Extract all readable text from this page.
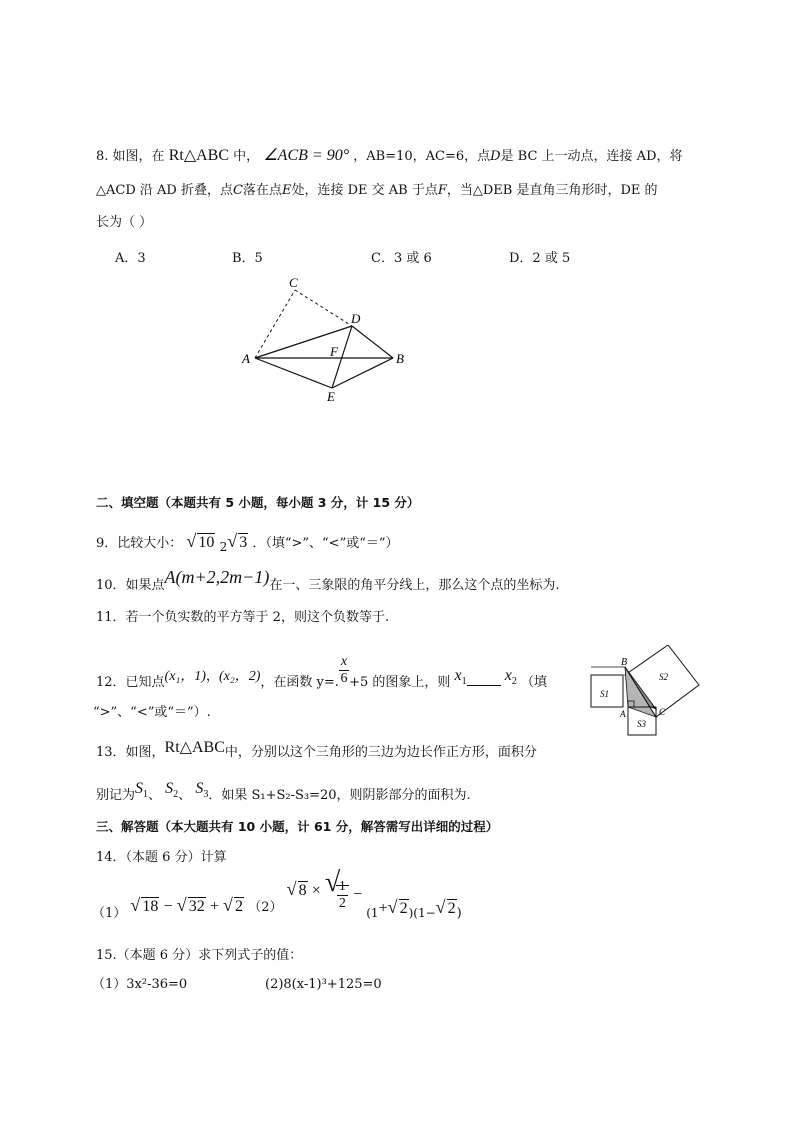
8. 如图，在 Rt△ABC 中， ∠ACB = 90° ，AB=10，AC=6，点D是 BC 上一动点，连接 AD，将
△ACD 沿 AD 折叠，点C落在点E处，连接 DE 交 AB 于点F，当△DEB 是直角三角形时，DE 的
长为（ ）
A．3	B．5	C．3 或 6	D．2 或 5
C
D
A	F	B
E
二、填空题（本题共有 5 小题，每小题 3 分，计 15 分）
9．比较大小： √ 10 2 √ 3 ．（填“>”、“<”或“＝”）
10．如果点A(m+2,2m−1)在一、三象限的角平分线上，那么这个点的坐标为.
11．若一个负实数的平方等于 2，则这个负数等于.
12．已知点(x₁，1)，(x₂，2)，在函数 y=. $\frac{x}{6} +5$ 的图象上，则 $x_1$ $x_2$ （填
“>”、“<”或“＝”）.
B
S1
S2
A	C
S3
13．如图，Rt△ABC中，分别以这个三角形的三边为边长作正方形，面积分
别记为$S_1$、 $S_2$、 $S_3$．如果 S₁+S₂-S₃=20，则阴影部分的面积为.
三、解答题（本大题共有 10 小题，计 61 分，解答需写出详细的过程）
14．（本题 6 分）计算
（1） √ 18 − √ 32 + √ 2 （2）
√ 8 × √
$\frac{1}{2} - (1+$ √ 2)(1− √ 2)
15.（本题 6 分）求下列式子的值：
（1）3x²-36=0	(2)8(x-1)³+125=0
